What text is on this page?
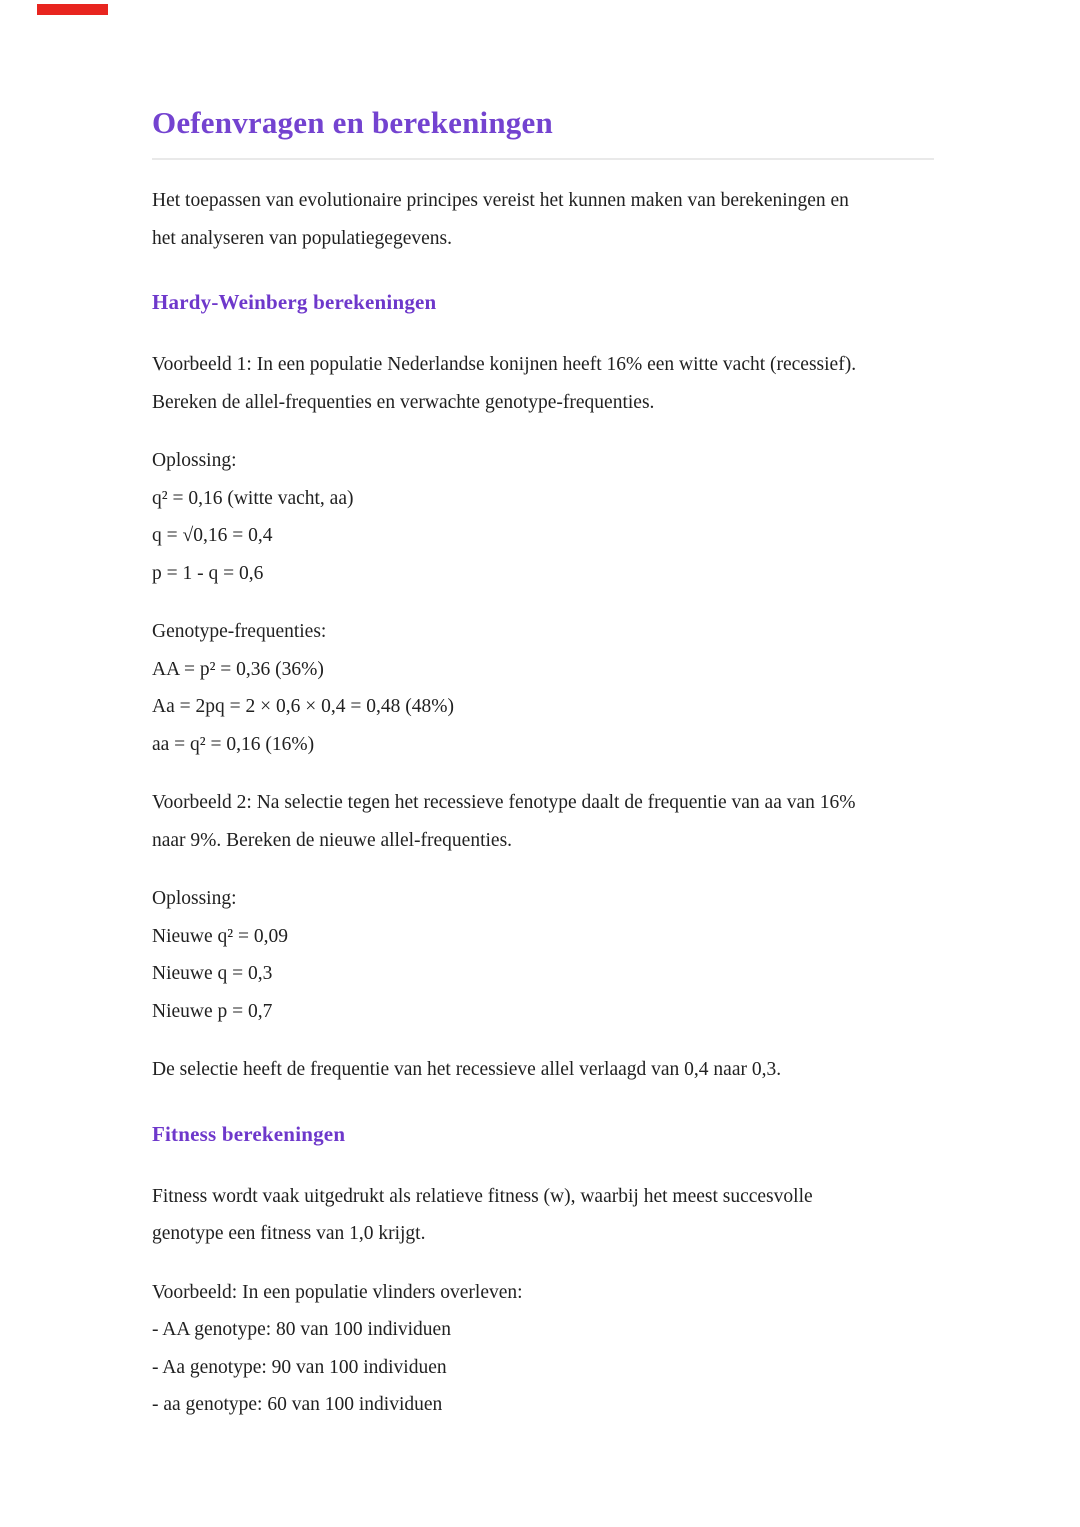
Oefenvragen en berekeningen
Het toepassen van evolutionaire principes vereist het kunnen maken van berekeningen en
het analyseren van populatiegegevens.
Hardy-Weinberg berekeningen
Voorbeeld 1: In een populatie Nederlandse konijnen heeft 16% een witte vacht (recessief).
Bereken de allel-frequenties en verwachte genotype-frequenties.
Oplossing:
q² = 0,16 (witte vacht, aa)
q = √0,16 = 0,4
p = 1 - q = 0,6
Genotype-frequenties:
AA = p² = 0,36 (36%)
Aa = 2pq = 2 × 0,6 × 0,4 = 0,48 (48%)
aa = q² = 0,16 (16%)
Voorbeeld 2: Na selectie tegen het recessieve fenotype daalt de frequentie van aa van 16%
naar 9%. Bereken de nieuwe allel-frequenties.
Oplossing:
Nieuwe q² = 0,09
Nieuwe q = 0,3
Nieuwe p = 0,7
De selectie heeft de frequentie van het recessieve allel verlaagd van 0,4 naar 0,3.
Fitness berekeningen
Fitness wordt vaak uitgedrukt als relatieve fitness (w), waarbij het meest succesvolle
genotype een fitness van 1,0 krijgt.
Voorbeeld: In een populatie vlinders overleven:
- AA genotype: 80 van 100 individuen
- Aa genotype: 90 van 100 individuen
- aa genotype: 60 van 100 individuen
